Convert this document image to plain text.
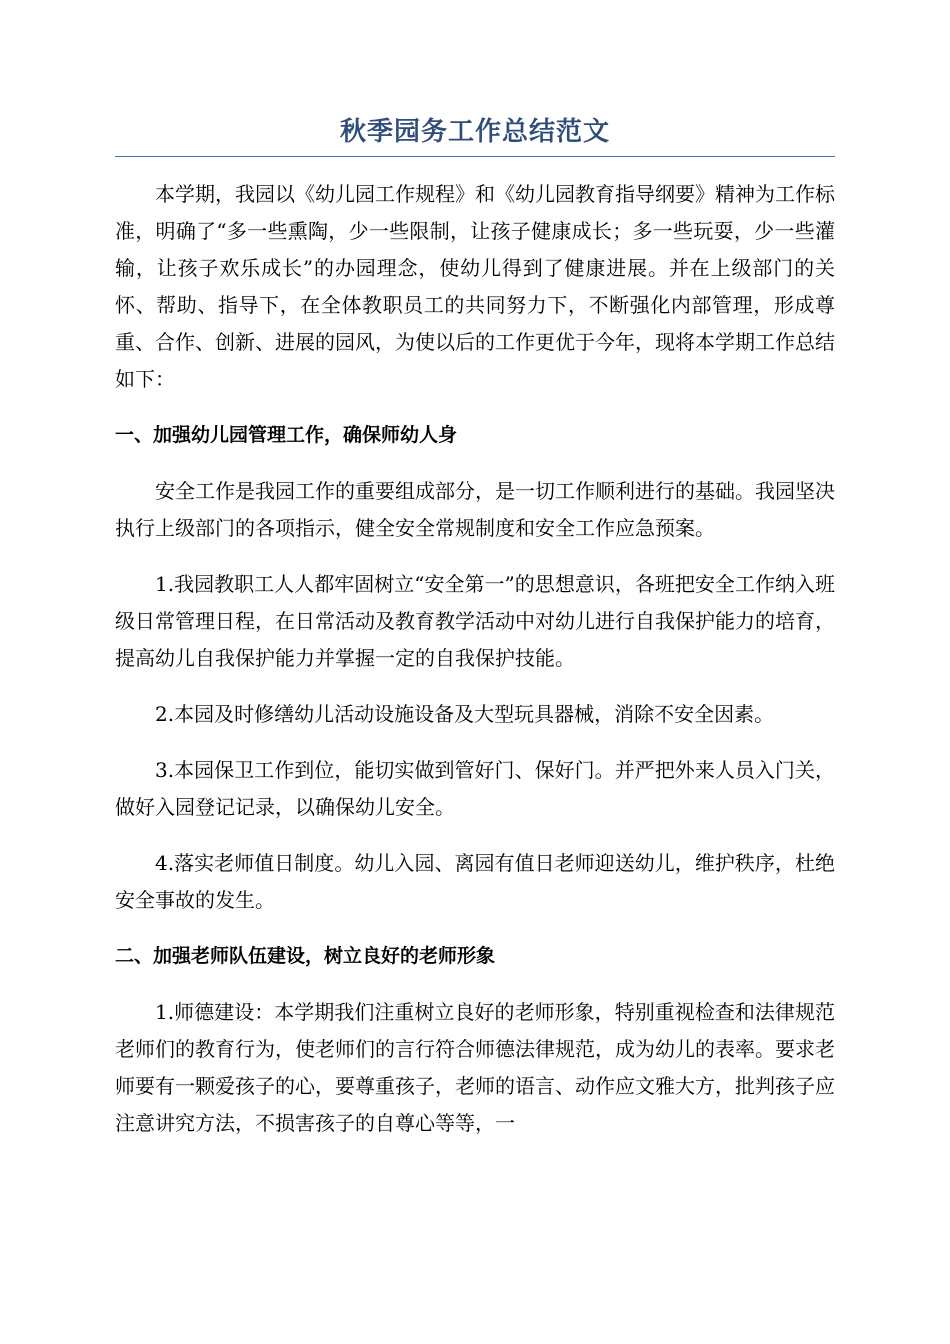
秋季园务工作总结范文

本学期，我园以《幼儿园工作规程》和《幼儿园教育指导纲要》精神为工作标准，明确了“多一些熏陶，少一些限制，让孩子健康成长；多一些玩耍，少一些灌输，让孩子欢乐成长”的办园理念，使幼儿得到了健康进展。并在上级部门的关怀、帮助、指导下，在全体教职员工的共同努力下，不断强化内部管理，形成尊重、合作、创新、进展的园风，为使以后的工作更优于今年，现将本学期工作总结如下：

一、加强幼儿园管理工作，确保师幼人身

安全工作是我园工作的重要组成部分，是一切工作顺利进行的基础。我园坚决执行上级部门的各项指示，健全安全常规制度和安全工作应急预案。

1.我园教职工人人都牢固树立“安全第一”的思想意识，各班把安全工作纳入班级日常管理日程，在日常活动及教育教学活动中对幼儿进行自我保护能力的培育，提高幼儿自我保护能力并掌握一定的自我保护技能。

2.本园及时修缮幼儿活动设施设备及大型玩具器械，消除不安全因素。

3.本园保卫工作到位，能切实做到管好门、保好门。并严把外来人员入门关，做好入园登记记录，以确保幼儿安全。

4.落实老师值日制度。幼儿入园、离园有值日老师迎送幼儿，维护秩序，杜绝安全事故的发生。

二、加强老师队伍建设，树立良好的老师形象

1.师德建设：本学期我们注重树立良好的老师形象，特别重视检查和法律规范老师们的教育行为，使老师们的言行符合师德法律规范，成为幼儿的表率。要求老师要有一颗爱孩子的心，要尊重孩子，老师的语言、动作应文雅大方，批判孩子应注意讲究方法，不损害孩子的自尊心等等，一
